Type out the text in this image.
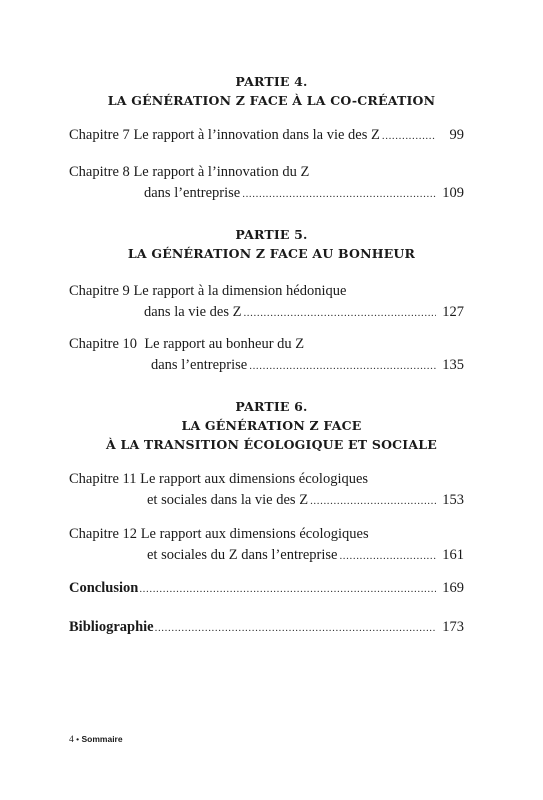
PARTIE 4.
LA GÉNÉRATION Z FACE À LA CO-CRÉATION
Chapitre 7
Le rapport à l’innovation dans la vie des Z .....	99
Chapitre 8
Le rapport à l’innovation du Z
dans l’entreprise .....	109
PARTIE 5.
LA GÉNÉRATION Z FACE AU BONHEUR
Chapitre 9
Le rapport à la dimension hédonique
dans la vie des Z .....	127
Chapitre 10
Le rapport au bonheur du Z
dans l’entreprise .....	135
PARTIE 6.
LA GÉNÉRATION Z FACE
À LA TRANSITION ÉCOLOGIQUE ET SOCIALE
Chapitre 11
Le rapport aux dimensions écologiques
et sociales dans la vie des Z .....	153
Chapitre 12
Le rapport aux dimensions écologiques
et sociales du Z dans l’entreprise .....	161
Conclusion .....	169
Bibliographie .....	173
4 • Sommaire
